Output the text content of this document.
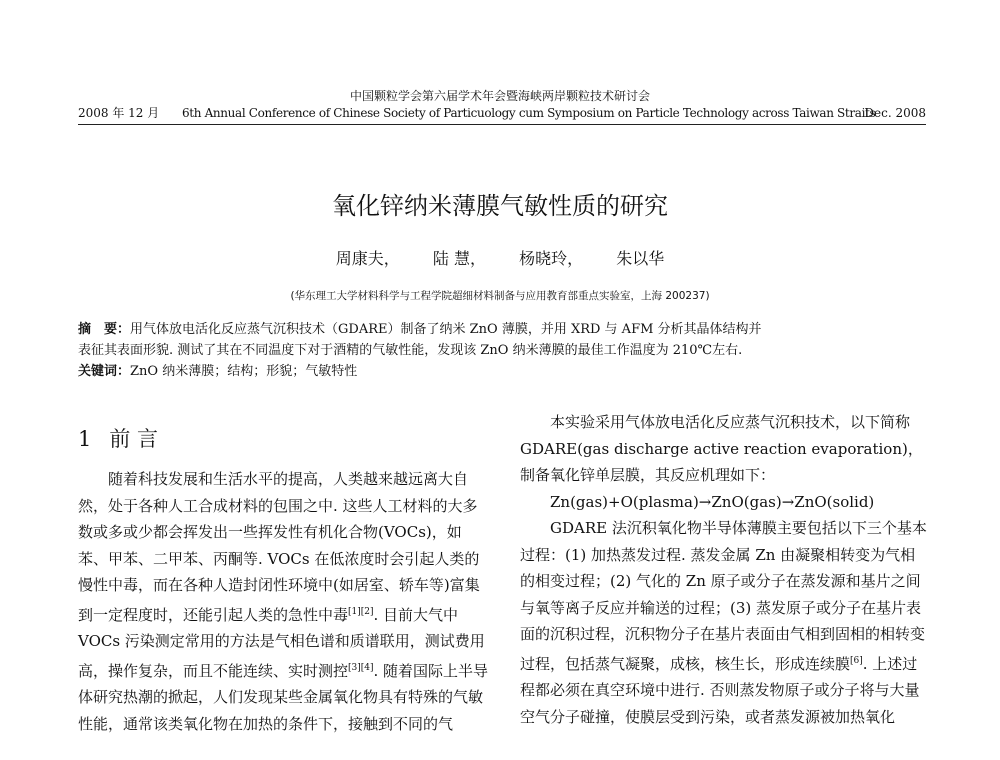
中国颗粒学会第六届学术年会暨海峡两岸颗粒技术研讨会
2008 年 12 月 6th Annual Conference of Chinese Society of Particuology cum Symposium on Particle Technology across Taiwan Straits
Dec. 2008
氧化锌纳米薄膜气敏性质的研究
周康夫， 陆 慧， 杨晓玲， 朱以华
(华东理工大学材料科学与工程学院超细材料制备与应用教育部重点实验室，上海 200237)

摘　要：用气体放电活化反应蒸气沉积技术（GDARE）制备了纳米 ZnO 薄膜，并用 XRD 与 AFM 分析其晶体结构并

表征其表面形貌. 测试了其在不同温度下对于酒精的气敏性能，发现该 ZnO 纳米薄膜的最佳工作温度为 210℃左右.

关键词：ZnO 纳米薄膜；结构；形貌；气敏特性

1 前 言

随着科技发展和生活水平的提高，人类越来越远离大自然，处于各种人工合成材料的包围之中. 这些人工材料的大多数或多或少都会挥发出一些挥发性有机化合物(VOCs)，如苯、甲苯、二甲苯、丙酮等. VOCs 在低浓度时会引起人类的慢性中毒，而在各种人造封闭性环境中(如居室、轿车等)富集到一定程度时，还能引起人类的急性中毒[1][2]. 目前大气中 VOCs 污染测定常用的方法是气相色谱和质谱联用，测试费用高，操作复杂，而且不能连续、实时测控[3][4]. 随着国际上半导体研究热潮的掀起，人们发现某些金属氧化物具有特殊的气敏性能，通常该类氧化物在加热的条件下，接触到不同的气

本实验采用气体放电活化反应蒸气沉积技术，以下简称 GDARE(gas discharge active reaction evaporation)，制备氧化锌单层膜，其反应机理如下：

Zn(gas)+O(plasma)→ZnO(gas)→ZnO(solid)

GDARE 法沉积氧化物半导体薄膜主要包括以下三个基本过程：(1) 加热蒸发过程. 蒸发金属 Zn 由凝聚相转变为气相的相变过程；(2) 气化的 Zn 原子或分子在蒸发源和基片之间与氧等离子反应并输送的过程；(3) 蒸发原子或分子在基片表面的沉积过程，沉积物分子在基片表面由气相到固相的相转变过程，包括蒸气凝聚，成核，核生长，形成连续膜[6]. 上述过程都必须在真空环境中进行. 否则蒸发物原子或分子将与大量空气分子碰撞，使膜层受到污染，或者蒸发源被加热氧化
